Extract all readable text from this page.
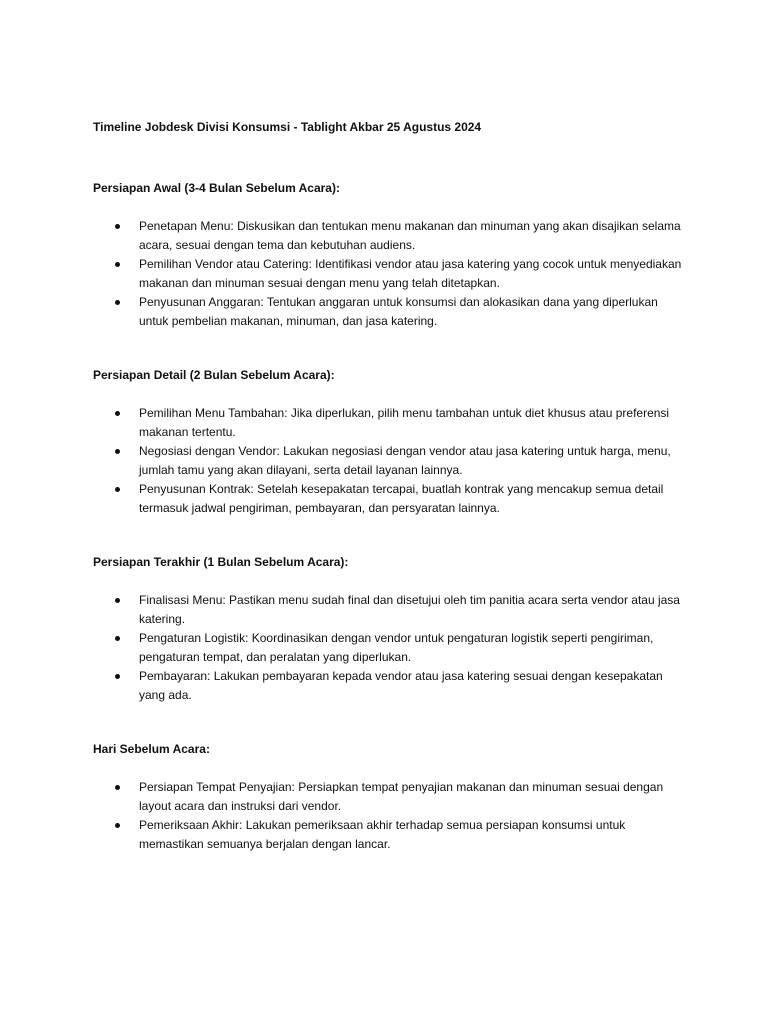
Timeline Jobdesk Divisi Konsumsi - Tablight Akbar 25 Agustus 2024
Persiapan Awal (3-4 Bulan Sebelum Acara):
Penetapan Menu: Diskusikan dan tentukan menu makanan dan minuman yang akan disajikan selama acara, sesuai dengan tema dan kebutuhan audiens.
Pemilihan Vendor atau Catering: Identifikasi vendor atau jasa katering yang cocok untuk menyediakan makanan dan minuman sesuai dengan menu yang telah ditetapkan.
Penyusunan Anggaran: Tentukan anggaran untuk konsumsi dan alokasikan dana yang diperlukan untuk pembelian makanan, minuman, dan jasa katering.
Persiapan Detail (2 Bulan Sebelum Acara):
Pemilihan Menu Tambahan: Jika diperlukan, pilih menu tambahan untuk diet khusus atau preferensi makanan tertentu.
Negosiasi dengan Vendor: Lakukan negosiasi dengan vendor atau jasa katering untuk harga, menu, jumlah tamu yang akan dilayani, serta detail layanan lainnya.
Penyusunan Kontrak: Setelah kesepakatan tercapai, buatlah kontrak yang mencakup semua detail termasuk jadwal pengiriman, pembayaran, dan persyaratan lainnya.
Persiapan Terakhir (1 Bulan Sebelum Acara):
Finalisasi Menu: Pastikan menu sudah final dan disetujui oleh tim panitia acara serta vendor atau jasa katering.
Pengaturan Logistik: Koordinasikan dengan vendor untuk pengaturan logistik seperti pengiriman, pengaturan tempat, dan peralatan yang diperlukan.
Pembayaran: Lakukan pembayaran kepada vendor atau jasa katering sesuai dengan kesepakatan yang ada.
Hari Sebelum Acara:
Persiapan Tempat Penyajian: Persiapkan tempat penyajian makanan dan minuman sesuai dengan layout acara dan instruksi dari vendor.
Pemeriksaan Akhir: Lakukan pemeriksaan akhir terhadap semua persiapan konsumsi untuk memastikan semuanya berjalan dengan lancar.
